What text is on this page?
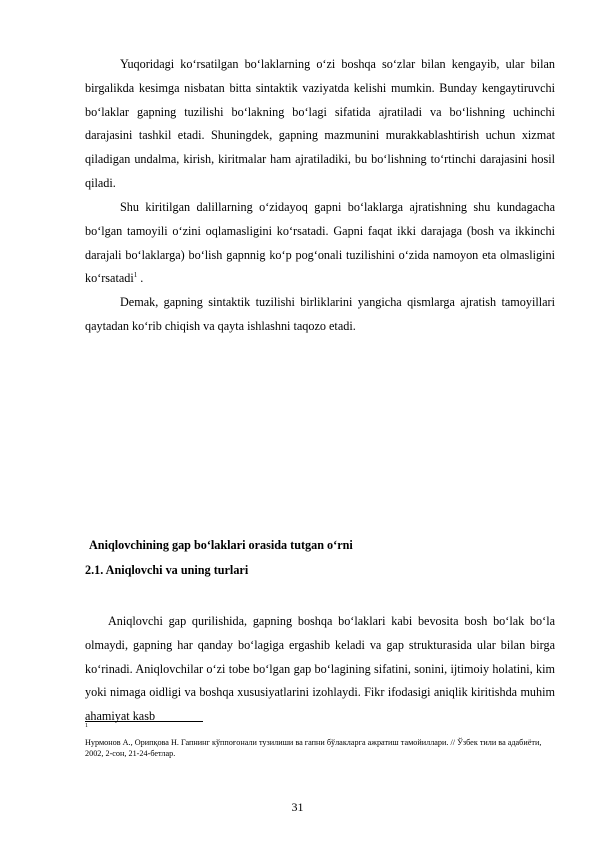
Yuqoridagi ko‘rsatilgan bo‘laklarning o‘zi boshqa so‘zlar bilan kengayib, ular bilan birgalikda kesimga nisbatan bitta sintaktik vaziyatda kelishi mumkin. Bunday kengaytiruvchi bo‘laklar gapning tuzilishi bo‘lakning bo‘lagi sifatida ajratiladi va bo‘lishning uchinchi darajasini tashkil etadi. Shuningdek, gapning mazmunini murakkablashtirish uchun xizmat qiladigan undalma, kirish, kiritmalar ham ajratiladiki, bu bo‘lishning to‘rtinchi darajasini hosil qiladi.

Shu kiritilgan dalillarning o‘zidayoq gapni bo‘laklarga ajratishning shu kundagacha bo‘lgan tamoyili o‘zini oqlamasligini ko‘rsatadi. Gapni faqat ikki darajaga (bosh va ikkinchi darajali bo‘laklarga) bo‘lish gapnnig ko‘p pog‘onali tuzilishini o‘zida namoyon eta olmasligini ko‘rsatadi$^1$ .

Demak, gapning sintaktik tuzilishi birliklarini yangicha qismlarga ajratish tamoyillari qaytadan ko‘rib chiqish va qayta ishlashni taqozo etadi.

Aniqlovchining gap bo‘laklari orasida tutgan o‘rni
2.1. Aniqlovchi va uning turlari

Aniqlovchi gap qurilishida, gapning boshqa bo‘laklari kabi bevosita bosh bo‘lak bo‘la olmaydi, gapning har qanday bo‘lagiga ergashib keladi va gap strukturasida ular bilan birga ko‘rinadi. Aniqlovchilar o‘zi tobe bo‘lgan gap bo‘lagining sifatini, sonini, ijtimoiy holatini, kim yoki nimaga oidligi va boshqa xususiyatlarini izohlaydi. Fikr ifodasigi aniqlik kiritishda muhim ahamiyat kasb

1

Нурмонов А., Орипқова Н. Гапнинг кўппоғонали тузилиши ва гапни бўлакларга ажратиш тамойиллари. // Ўзбек тили ва адабиёти, 2002, 2-сон, 21-24-бетлар.

31
